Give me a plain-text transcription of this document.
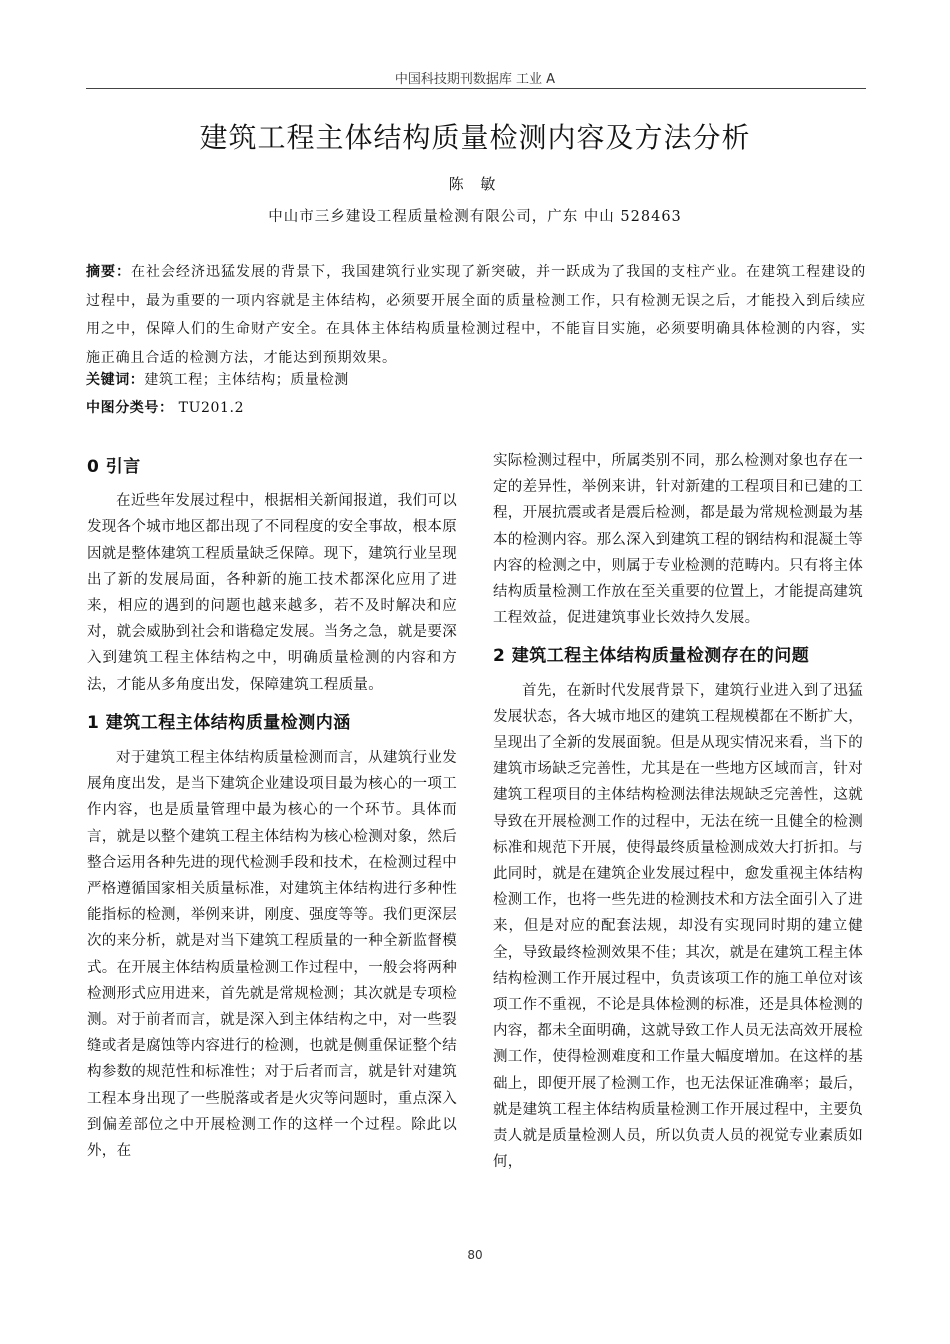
中国科技期刊数据库 工业 A
建筑工程主体结构质量检测内容及方法分析
陈 敏
中山市三乡建设工程质量检测有限公司，广东 中山 528463
摘要：在社会经济迅猛发展的背景下，我国建筑行业实现了新突破，并一跃成为了我国的支柱产业。在建筑工程建设的过程中，最为重要的一项内容就是主体结构，必须要开展全面的质量检测工作，只有检测无误之后，才能投入到后续应用之中，保障人们的生命财产安全。在具体主体结构质量检测过程中，不能盲目实施，必须要明确具体检测的内容，实施正确且合适的检测方法，才能达到预期效果。
关键词：建筑工程；主体结构；质量检测
中图分类号： TU201.2
0 引言

在近些年发展过程中，根据相关新闻报道，我们可以发现各个城市地区都出现了不同程度的安全事故，根本原因就是整体建筑工程质量缺乏保障。现下，建筑行业呈现出了新的发展局面，各种新的施工技术都深化应用了进来，相应的遇到的问题也越来越多，若不及时解决和应对，就会威胁到社会和谐稳定发展。当务之急，就是要深入到建筑工程主体结构之中，明确质量检测的内容和方法，才能从多角度出发，保障建筑工程质量。

1 建筑工程主体结构质量检测内涵

对于建筑工程主体结构质量检测而言，从建筑行业发展角度出发，是当下建筑企业建设项目最为核心的一项工作内容，也是质量管理中最为核心的一个环节。具体而言，就是以整个建筑工程主体结构为核心检测对象，然后整合运用各种先进的现代检测手段和技术，在检测过程中严格遵循国家相关质量标准，对建筑主体结构进行多种性能指标的检测，举例来讲，刚度、强度等等。我们更深层次的来分析，就是对当下建筑工程质量的一种全新监督模式。在开展主体结构质量检测工作过程中，一般会将两种检测形式应用进来，首先就是常规检测；其次就是专项检测。对于前者而言，就是深入到主体结构之中，对一些裂缝或者是腐蚀等内容进行的检测，也就是侧重保证整个结构参数的规范性和标准性；对于后者而言，就是针对建筑工程本身出现了一些脱落或者是火灾等问题时，重点深入到偏差部位之中开展检测工作的这样一个过程。除此以外，在

实际检测过程中，所属类别不同，那么检测对象也存在一定的差异性，举例来讲，针对新建的工程项目和已建的工程，开展抗震或者是震后检测，都是最为常规检测最为基本的检测内容。那么深入到建筑工程的钢结构和混凝土等内容的检测之中，则属于专业检测的范畴内。只有将主体结构质量检测工作放在至关重要的位置上，才能提高建筑工程效益，促进建筑事业长效持久发展。

2 建筑工程主体结构质量检测存在的问题

首先，在新时代发展背景下，建筑行业进入到了迅猛发展状态，各大城市地区的建筑工程规模都在不断扩大，呈现出了全新的发展面貌。但是从现实情况来看，当下的建筑市场缺乏完善性，尤其是在一些地方区域而言，针对建筑工程项目的主体结构检测法律法规缺乏完善性，这就导致在开展检测工作的过程中，无法在统一且健全的检测标准和规范下开展，使得最终质量检测成效大打折扣。与此同时，就是在建筑企业发展过程中，愈发重视主体结构检测工作，也将一些先进的检测技术和方法全面引入了进来，但是对应的配套法规，却没有实现同时期的建立健全，导致最终检测效果不佳；其次，就是在建筑工程主体结构检测工作开展过程中，负责该项工作的施工单位对该项工作不重视，不论是具体检测的标准，还是具体检测的内容，都未全面明确，这就导致工作人员无法高效开展检测工作，使得检测难度和工作量大幅度增加。在这样的基础上，即便开展了检测工作，也无法保证准确率；最后，就是建筑工程主体结构质量检测工作开展过程中，主要负责人就是质量检测人员，所以负责人员的视觉专业素质如何，

80
